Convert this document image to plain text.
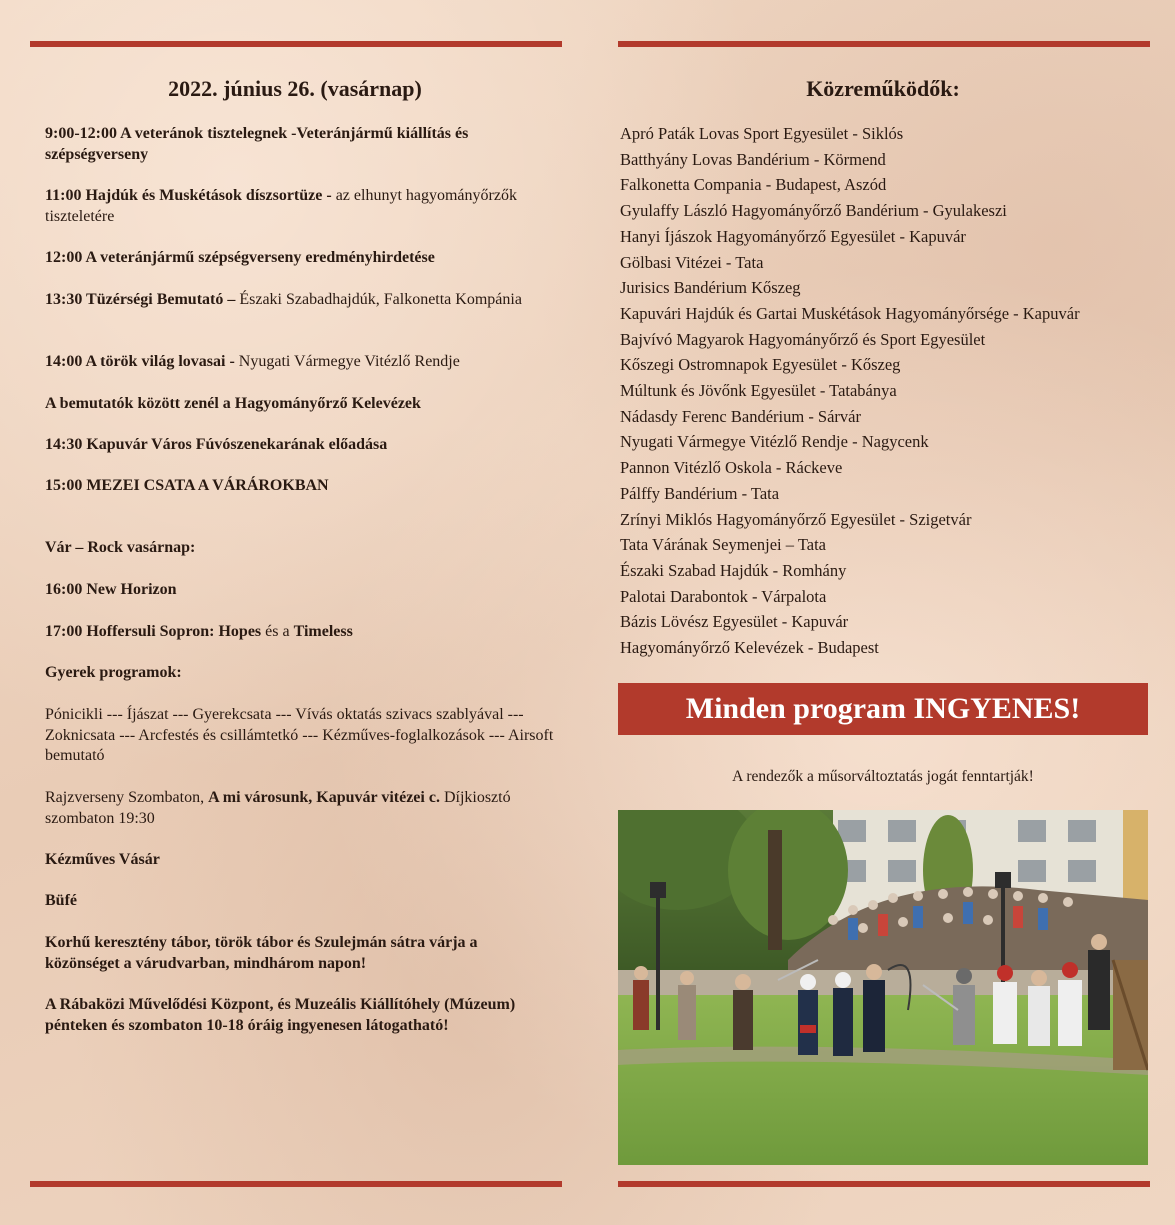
2022. június 26. (vasárnap)

9:00-12:00 A veteránok tisztelegnek -Veteránjármű kiállítás és szépségverseny

11:00 Hajdúk és Muskétások díszsortüze - az elhunyt hagyományőrzők tiszteletére

12:00 A veteránjármű szépségverseny eredményhirdetése

13:30 Tüzérségi Bemutató – Északi Szabadhajdúk, Falkonetta Kompánia

14:00 A török világ lovasai - Nyugati Vármegye Vitézlő Rendje

A bemutatók között zenél a Hagyományőrző Kelevézek

14:30 Kapuvár Város Fúvószenekarának előadása

15:00 MEZEI CSATA A VÁRÁROKBAN

Vár – Rock vasárnap:

16:00 New Horizon

17:00 Hoffersuli Sopron: Hopes és a Timeless

Gyerek programok:

Pónicikli --- Íjászat --- Gyerekcsata --- Vívás oktatás szivacs szablyával --- Zoknicsata --- Arcfestés és csillámtetkó --- Kézműves-foglalkozások --- Airsoft bemutató

Rajzverseny Szombaton, A mi városunk, Kapuvár vitézei c. Díjkiosztó szombaton 19:30

Kézműves Vásár

Büfé

Korhű keresztény tábor, török tábor és Szulejmán sátra várja a közönséget a várudvarban, mindhárom napon!

A Rábaközi Művelődési Központ, és Muzeális Kiállítóhely (Múzeum) pénteken és szombaton 10-18 óráig ingyenesen látogatható!

Közreműködők:

Apró Paták Lovas Sport Egyesület - Siklós

Batthyány Lovas Bandérium - Körmend

Falkonetta Compania - Budapest, Aszód

Gyulaffy László Hagyományőrző Bandérium - Gyulakeszi

Hanyi Íjászok Hagyományőrző Egyesület - Kapuvár

Gölbasi Vitézei - Tata

Jurisics Bandérium Kőszeg

Kapuvári Hajdúk és Gartai Muskétások Hagyományőrsége - Kapuvár

Bajvívó Magyarok Hagyományőrző és Sport Egyesület

Kőszegi Ostromnapok Egyesület - Kőszeg

Múltunk és Jövőnk Egyesület - Tatabánya

Nádasdy Ferenc Bandérium - Sárvár

Nyugati Vármegye Vitézlő Rendje - Nagycenk

Pannon Vitézlő Oskola - Ráckeve

Pálffy Bandérium - Tata

Zrínyi Miklós Hagyományőrző Egyesület - Szigetvár

Tata Várának Seymenjei – Tata

Északi Szabad Hajdúk - Romhány

Palotai Darabontok - Várpalota

Bázis Lövész Egyesület - Kapuvár

Hagyományőrző Kelevézek - Budapest

Minden program INGYENES!
A rendezők a műsorváltoztatás jogát fenntartják!
